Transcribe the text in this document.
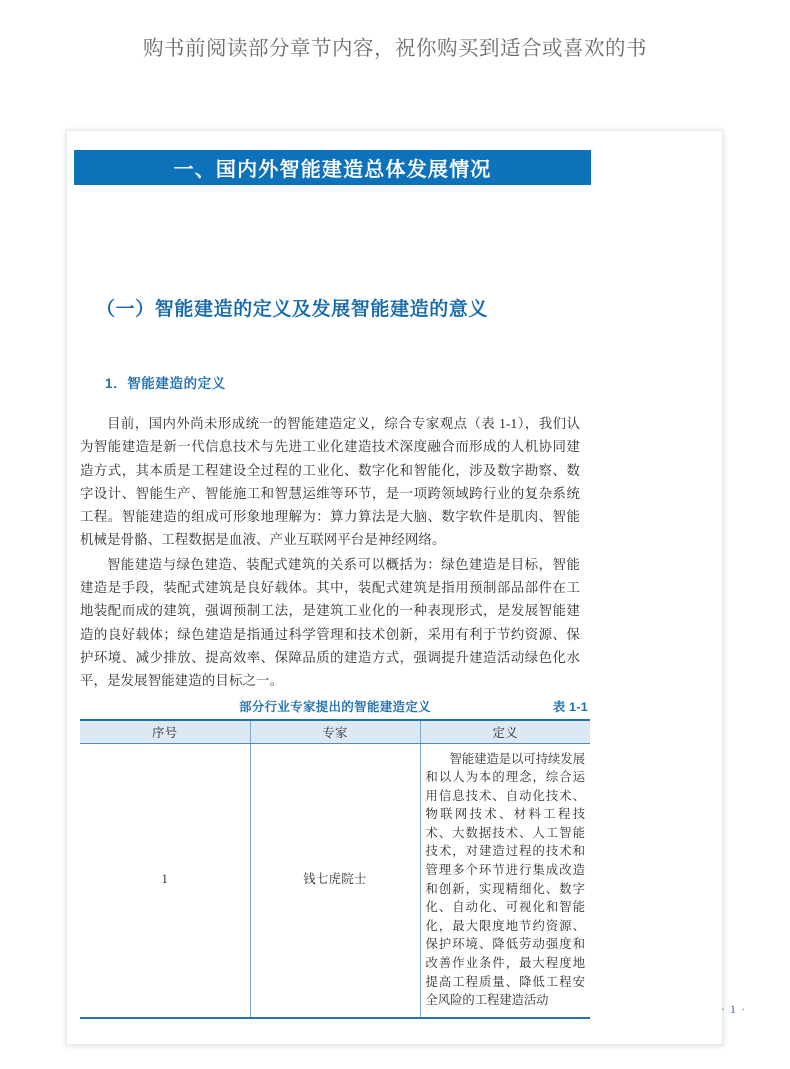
购书前阅读部分章节内容，祝你购买到适合或喜欢的书
一、国内外智能建造总体发展情况
（一）智能建造的定义及发展智能建造的意义
1．智能建造的定义

目前，国内外尚未形成统一的智能建造定义，综合专家观点（表 1-1），我们认为智能建造是新一代信息技术与先进工业化建造技术深度融合而形成的人机协同建造方式，其本质是工程建设全过程的工业化、数字化和智能化，涉及数字勘察、数字设计、智能生产、智能施工和智慧运维等环节，是一项跨领域跨行业的复杂系统工程。智能建造的组成可形象地理解为：算力算法是大脑、数字软件是肌肉、智能机械是骨骼、工程数据是血液、产业互联网平台是神经网络。

智能建造与绿色建造、装配式建筑的关系可以概括为：绿色建造是目标，智能建造是手段，装配式建筑是良好载体。其中，装配式建筑是指用预制部品部件在工地装配而成的建筑，强调预制工法，是建筑工业化的一种表现形式，是发展智能建造的良好载体；绿色建造是指通过科学管理和技术创新，采用有利于节约资源、保护环境、减少排放、提高效率、保障品质的建造方式，强调提升建造活动绿色化水平，是发展智能建造的目标之一。

部分行业专家提出的智能建造定义	表 1-1
序号	专家	定义
1	钱七虎院士	智能建造是以可持续发展和以人为本的理念，综合运用信息技术、自动化技术、物联网技术、材料工程技术、大数据技术、人工智能技术，对建造过程的技术和管理多个环节进行集成改造和创新，实现精细化、数字化、自动化、可视化和智能化，最大限度地节约资源、保护环境、降低劳动强度和改善作业条件，最大程度地提高工程质量、降低工程安全风险的工程建造活动
· 1 ·
